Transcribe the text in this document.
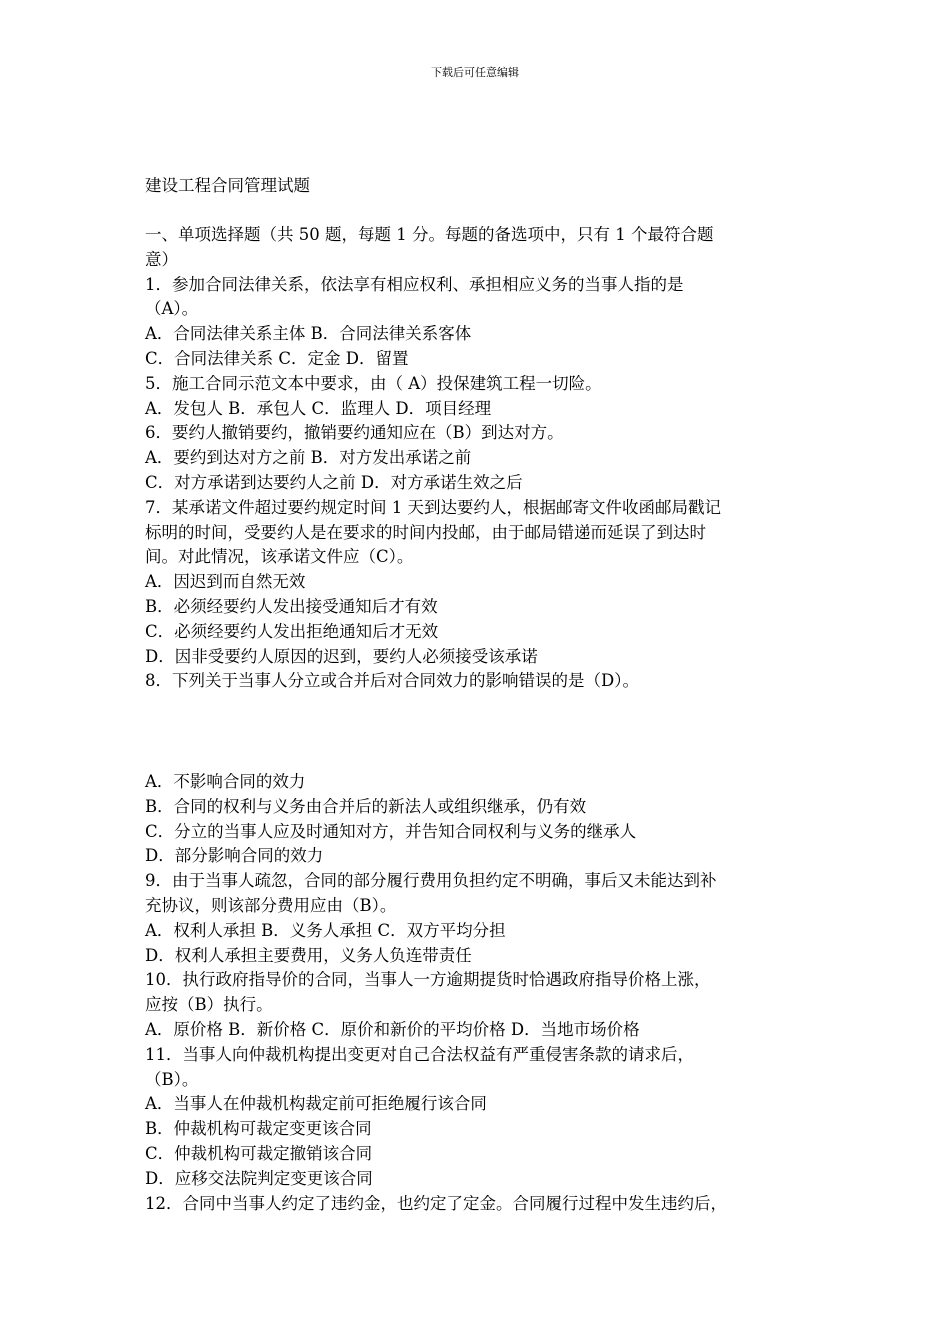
下载后可任意编辑
建设工程合同管理试题
一、单项选择题（共 50 题，每题 1 分。每题的备选项中，只有 1 个最符合题
意）
1．参加合同法律关系，依法享有相应权利、承担相应义务的当事人指的是
（A）。
A．合同法律关系主体 B．合同法律关系客体
C．合同法律关系 C．定金 D．留置
5．施工合同示范文本中要求，由（ A）投保建筑工程一切险。
A．发包人 B．承包人 C．监理人 D．项目经理
6．要约人撤销要约，撤销要约通知应在（B）到达对方。
A．要约到达对方之前 B．对方发出承诺之前
C．对方承诺到达要约人之前 D．对方承诺生效之后
7．某承诺文件超过要约规定时间 1 天到达要约人，根据邮寄文件收函邮局戳记
标明的时间，受要约人是在要求的时间内投邮，由于邮局错递而延误了到达时
间。对此情况，该承诺文件应（C）。
A．因迟到而自然无效
B．必须经要约人发出接受通知后才有效
C．必须经要约人发出拒绝通知后才无效
D．因非受要约人原因的迟到，要约人必须接受该承诺
8．下列关于当事人分立或合并后对合同效力的影响错误的是（D）。
A．不影响合同的效力
B．合同的权利与义务由合并后的新法人或组织继承，仍有效
C．分立的当事人应及时通知对方，并告知合同权利与义务的继承人
D．部分影响合同的效力
9．由于当事人疏忽，合同的部分履行费用负担约定不明确，事后又未能达到补
充协议，则该部分费用应由（B）。
A．权利人承担 B．义务人承担 C．双方平均分担
D．权利人承担主要费用，义务人负连带责任
10．执行政府指导价的合同，当事人一方逾期提货时恰遇政府指导价格上涨，
应按（B）执行。
A．原价格 B．新价格 C．原价和新价的平均价格 D．当地市场价格
11．当事人向仲裁机构提出变更对自己合法权益有严重侵害条款的请求后，
（B）。
A．当事人在仲裁机构裁定前可拒绝履行该合同
B．仲裁机构可裁定变更该合同
C．仲裁机构可裁定撤销该合同
D．应移交法院判定变更该合同
12．合同中当事人约定了违约金，也约定了定金。合同履行过程中发生违约后，
